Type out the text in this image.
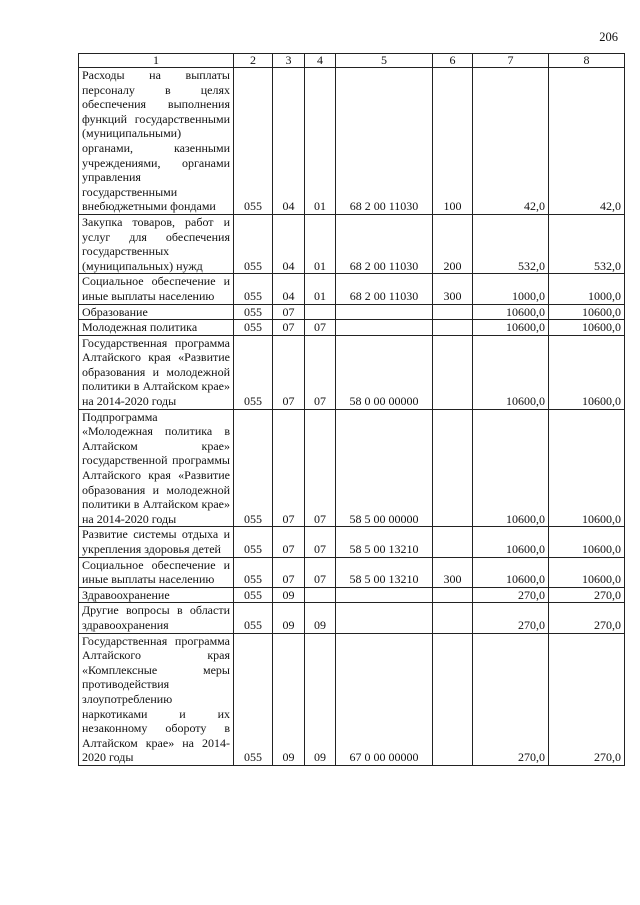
206
1	2	3	4	5	6	7	8
Расходы на выплаты персоналу в целях обеспечения выполнения функций государственными (муниципальными) органами, казенными учреждениями, органами управления государственными внебюджетными фондами	055	04	01	68 2 00 11030	100	42,0	42,0
Закупка товаров, работ и услуг для обеспечения государственных (муниципальных) нужд	055	04	01	68 2 00 11030	200	532,0	532,0
Социальное обеспечение и иные выплаты населению	055	04	01	68 2 00 11030	300	1000,0	1000,0
Образование	055	07				10600,0	10600,0
Молодежная политика	055	07	07			10600,0	10600,0
Государственная программа Алтайского края «Развитие образования и молодежной политики в Алтайском крае» на 2014-2020 годы	055	07	07	58 0 00 00000		10600,0	10600,0
Подпрограмма «Молодежная политика в Алтайском крае» государственной программы Алтайского края «Развитие образования и молодежной политики в Алтайском крае» на 2014-2020 годы	055	07	07	58 5 00 00000		10600,0	10600,0
Развитие системы отдыха и укрепления здоровья детей	055	07	07	58 5 00 13210		10600,0	10600,0
Социальное обеспечение и иные выплаты населению	055	07	07	58 5 00 13210	300	10600,0	10600,0
Здравоохранение	055	09				270,0	270,0
Другие вопросы в области здравоохранения	055	09	09			270,0	270,0
Государственная программа Алтайского края «Комплексные меры противодействия злоупотреблению наркотиками и их незаконному обороту в Алтайском крае» на 2014-2020 годы	055	09	09	67 0 00 00000		270,0	270,0
